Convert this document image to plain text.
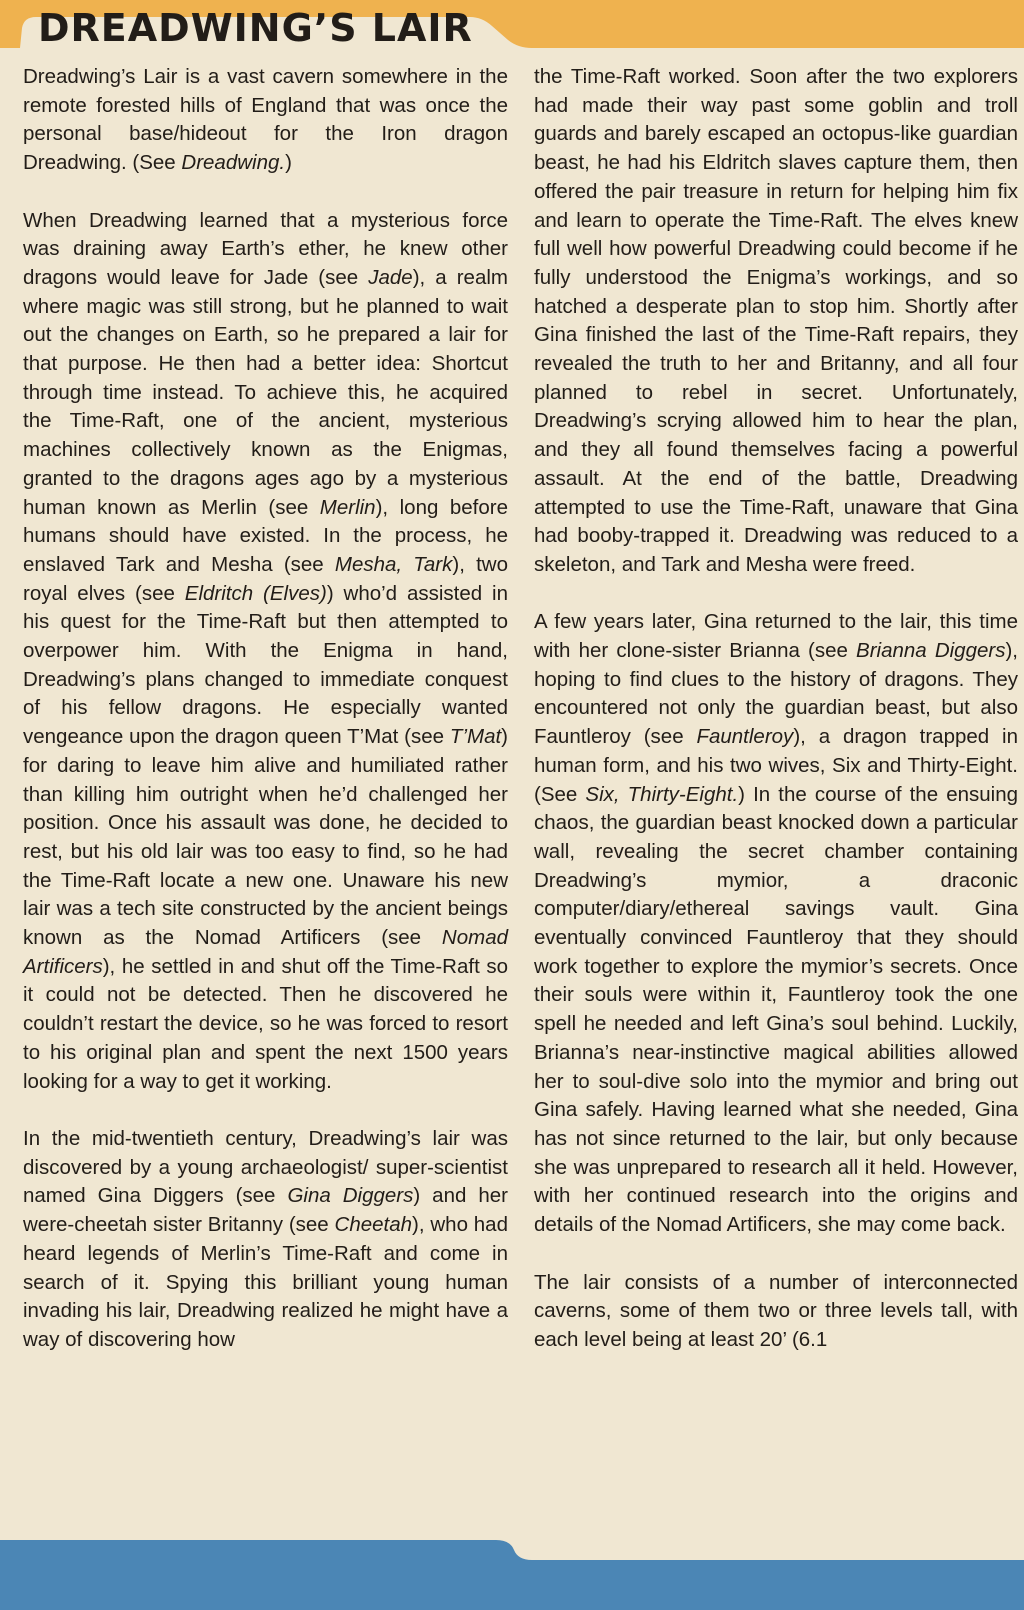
DREADWING’S LAIR

Dreadwing’s Lair is a vast cavern somewhere in the remote forested hills of England that was once the personal base/hideout for the Iron dragon Dreadwing. (See Dreadwing.)

When Dreadwing learned that a mysterious force was draining away Earth’s ether, he knew other dragons would leave for Jade (see Jade), a realm where magic was still strong, but he planned to wait out the changes on Earth, so he prepared a lair for that purpose. He then had a better idea: Shortcut through time instead. To achieve this, he acquired the Time-Raft, one of the ancient, mysterious machines collectively known as the Enigmas, granted to the dragons ages ago by a mysterious human known as Merlin (see Merlin), long before humans should have existed. In the process, he enslaved Tark and Mesha (see Mesha, Tark), two royal elves (see Eldritch (Elves)) who’d assisted in his quest for the Time-Raft but then attempted to overpower him. With the Enigma in hand, Dreadwing’s plans changed to immediate conquest of his fellow dragons. He especially wanted vengeance upon the dragon queen T’Mat (see T’Mat) for daring to leave him alive and humiliated rather than killing him outright when he’d challenged her position. Once his assault was done, he decided to rest, but his old lair was too easy to find, so he had the Time-Raft locate a new one. Unaware his new lair was a tech site constructed by the ancient beings known as the Nomad Artificers (see Nomad Artificers), he settled in and shut off the Time-Raft so it could not be detected. Then he discovered he couldn’t restart the device, so he was forced to resort to his original plan and spent the next 1500 years looking for a way to get it working.

In the mid-twentieth century, Dreadwing’s lair was discovered by a young archaeologist/ super-scientist named Gina Diggers (see Gina Diggers) and her were-cheetah sister Britanny (see Cheetah), who had heard legends of Merlin’s Time-Raft and come in search of it. Spying this brilliant young human invading his lair, Dreadwing realized he might have a way of discovering how

the Time-Raft worked. Soon after the two explorers had made their way past some goblin and troll guards and barely escaped an octopus-like guardian beast, he had his Eldritch slaves capture them, then offered the pair treasure in return for helping him fix and learn to operate the Time-Raft. The elves knew full well how powerful Dreadwing could become if he fully understood the Enigma’s workings, and so hatched a desperate plan to stop him. Shortly after Gina finished the last of the Time-Raft repairs, they revealed the truth to her and Britanny, and all four planned to rebel in secret. Unfortunately, Dreadwing’s scrying allowed him to hear the plan, and they all found themselves facing a powerful assault. At the end of the battle, Dreadwing attempted to use the Time-Raft, unaware that Gina had booby-trapped it. Dreadwing was reduced to a skeleton, and Tark and Mesha were freed.

A few years later, Gina returned to the lair, this time with her clone-sister Brianna (see Brianna Diggers), hoping to find clues to the history of dragons. They encountered not only the guardian beast, but also Fauntleroy (see Fauntleroy), a dragon trapped in human form, and his two wives, Six and Thirty-Eight. (See Six, Thirty-Eight.) In the course of the ensuing chaos, the guardian beast knocked down a particular wall, revealing the secret chamber containing Dreadwing’s mymior, a draconic computer/diary/ethereal savings vault. Gina eventually convinced Fauntleroy that they should work together to explore the mymior’s secrets. Once their souls were within it, Fauntleroy took the one spell he needed and left Gina’s soul behind. Luckily, Brianna’s near-instinctive magical abilities allowed her to soul-dive solo into the mymior and bring out Gina safely. Having learned what she needed, Gina has not since returned to the lair, but only because she was unprepared to research all it held. However, with her continued research into the origins and details of the Nomad Artificers, she may come back.

The lair consists of a number of interconnected caverns, some of them two or three levels tall, with each level being at least 20’ (6.1
